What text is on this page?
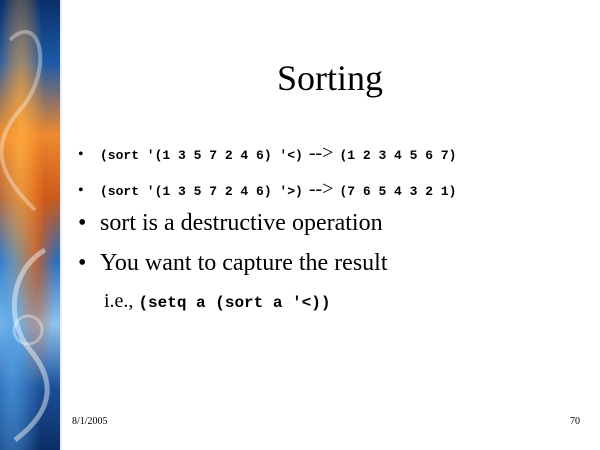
Sorting
•	(sort '(1 3 5 7 2 4 6) '<) --> (1 2 3 4 5 6 7)
•	(sort '(1 3 5 7 2 4 6) '>) --> (7 6 5 4 3 2 1)
• sort is a destructive operation
• You want to capture the result
i.e., (setq a (sort a '<))
8/1/2005	70
